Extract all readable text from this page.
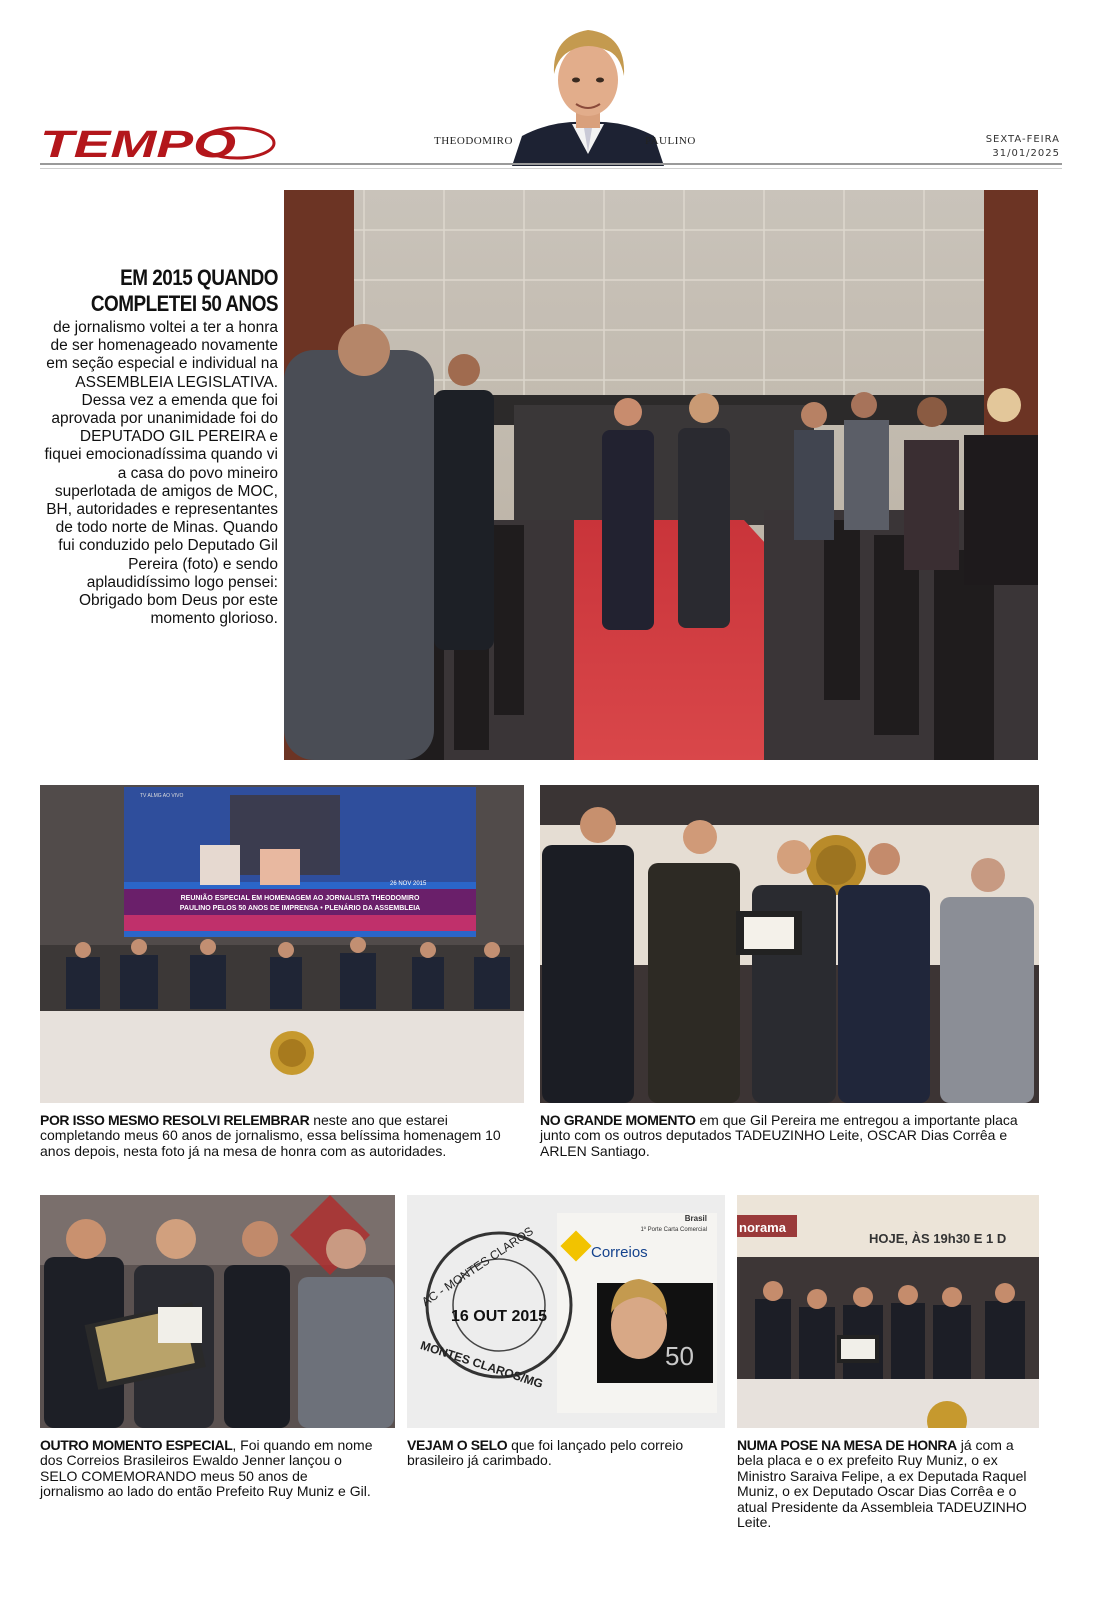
TEMPO	THEODOMIRO	PAULINO	SEXTA-FEIRA
31/01/2025
EM 2015 QUANDO
COMPLETEI 50 ANOS
de jornalismo voltei a ter a honra de ser homenageado novamente em seção especial e individual na ASSEMBLEIA LEGISLATIVA. Dessa vez a emenda que foi aprovada por unanimidade foi do DEPUTADO GIL PEREIRA e fiquei emocionadíssima quando vi a casa do povo mineiro superlotada de amigos de MOC, BH, autoridades e representantes de todo norte de Minas. Quando fui conduzido pelo Deputado Gil Pereira (foto) e sendo aplaudidíssimo logo pensei: Obrigado bom Deus por este momento glorioso.
REUNIÃO ESPECIAL EM HOMENAGEM AO JORNALISTA THEODOMIRO
PAULINO PELOS 50 ANOS DE IMPRENSA • PLENÁRIO DA ASSEMBLEIA
26 NOV 2015
TV ALMG AO VIVO
POR ISSO MESMO RESOLVI RELEMBRAR neste ano que estarei completando meus 60 anos de jornalismo, essa belíssima homenagem 10 anos depois, nesta foto já na mesa de honra com as autoridades.
NO GRANDE MOMENTO em que Gil Pereira me entregou a importante placa junto com os outros deputados TADEUZINHO Leite, OSCAR Dias Corrêa e ARLEN Santiago.
Correios
Brasil
1º Porte Carta Comercial
50
AC - MONTES CLAROS
16 OUT 2015
MONTES CLAROS/MG
norama
HOJE, ÀS 19h30 E 1 D
OUTRO MOMENTO ESPECIAL, Foi quando em nome dos Correios Brasileiros Ewaldo Jenner lançou o SELO COMEMORANDO meus 50 anos de jornalismo ao lado do então Prefeito Ruy Muniz e Gil.
VEJAM O SELO que foi lançado pelo correio brasileiro já carimbado.
NUMA POSE NA MESA DE HONRA já com a bela placa e o ex prefeito Ruy Muniz, o ex Ministro Saraiva Felipe, a ex Deputada Raquel Muniz, o ex Deputado Oscar Dias Corrêa e o atual Presidente da Assembleia TADEUZINHO Leite.
